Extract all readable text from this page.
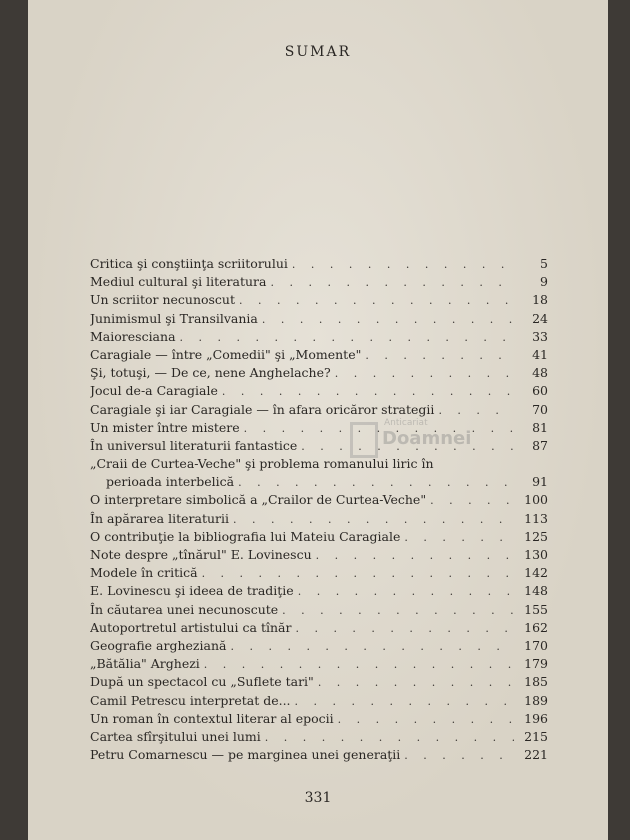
SUMAR
Critica şi conştiinţa scriitorului . . .	5
Mediul cultural şi literatura . . .	9
Un scriitor necunoscut . . .	18
Junimismul şi Transilvania . . .	24
Maioresciana . . .	33
Caragiale — între „Comedii" şi „Momente" . . .	41
Şi, totuşi, — De ce, nene Anghelache? . . .	48
Jocul de-a Caragiale . . .	60
Caragiale şi iar Caragiale — în afara oricăror strategii . . .	70
Un mister între mistere . . .	81
În universul literaturii fantastice . . .	87
„Craii de Curtea-Veche" şi problema romanului liric în
perioada interbelică . . .	91
O interpretare simbolică a „Crailor de Curtea-Veche" . . .	100
În apărarea literaturii . . .	113
O contribuţie la bibliografia lui Mateiu Caragiale . . .	125
Note despre „tînărul" E. Lovinescu . . .	130
Modele în critică . . .	142
E. Lovinescu şi ideea de tradiţie . . .	148
În căutarea unei necunoscute . . .	155
Autoportretul artistului ca tînăr . . .	162
Geografie argheziană . . .	170
„Bătălia" Arghezi . . .	179
După un spectacol cu „Suflete tari" . . .	185
Camil Petrescu interpretat de... . . .	189
Un roman în contextul literar al epocii . . .	196
Cartea sfîrşitului unei lumi . . .	215
Petru Comarnescu — pe marginea unei generaţii . . .	221
Anticariat
Doamnei
331
